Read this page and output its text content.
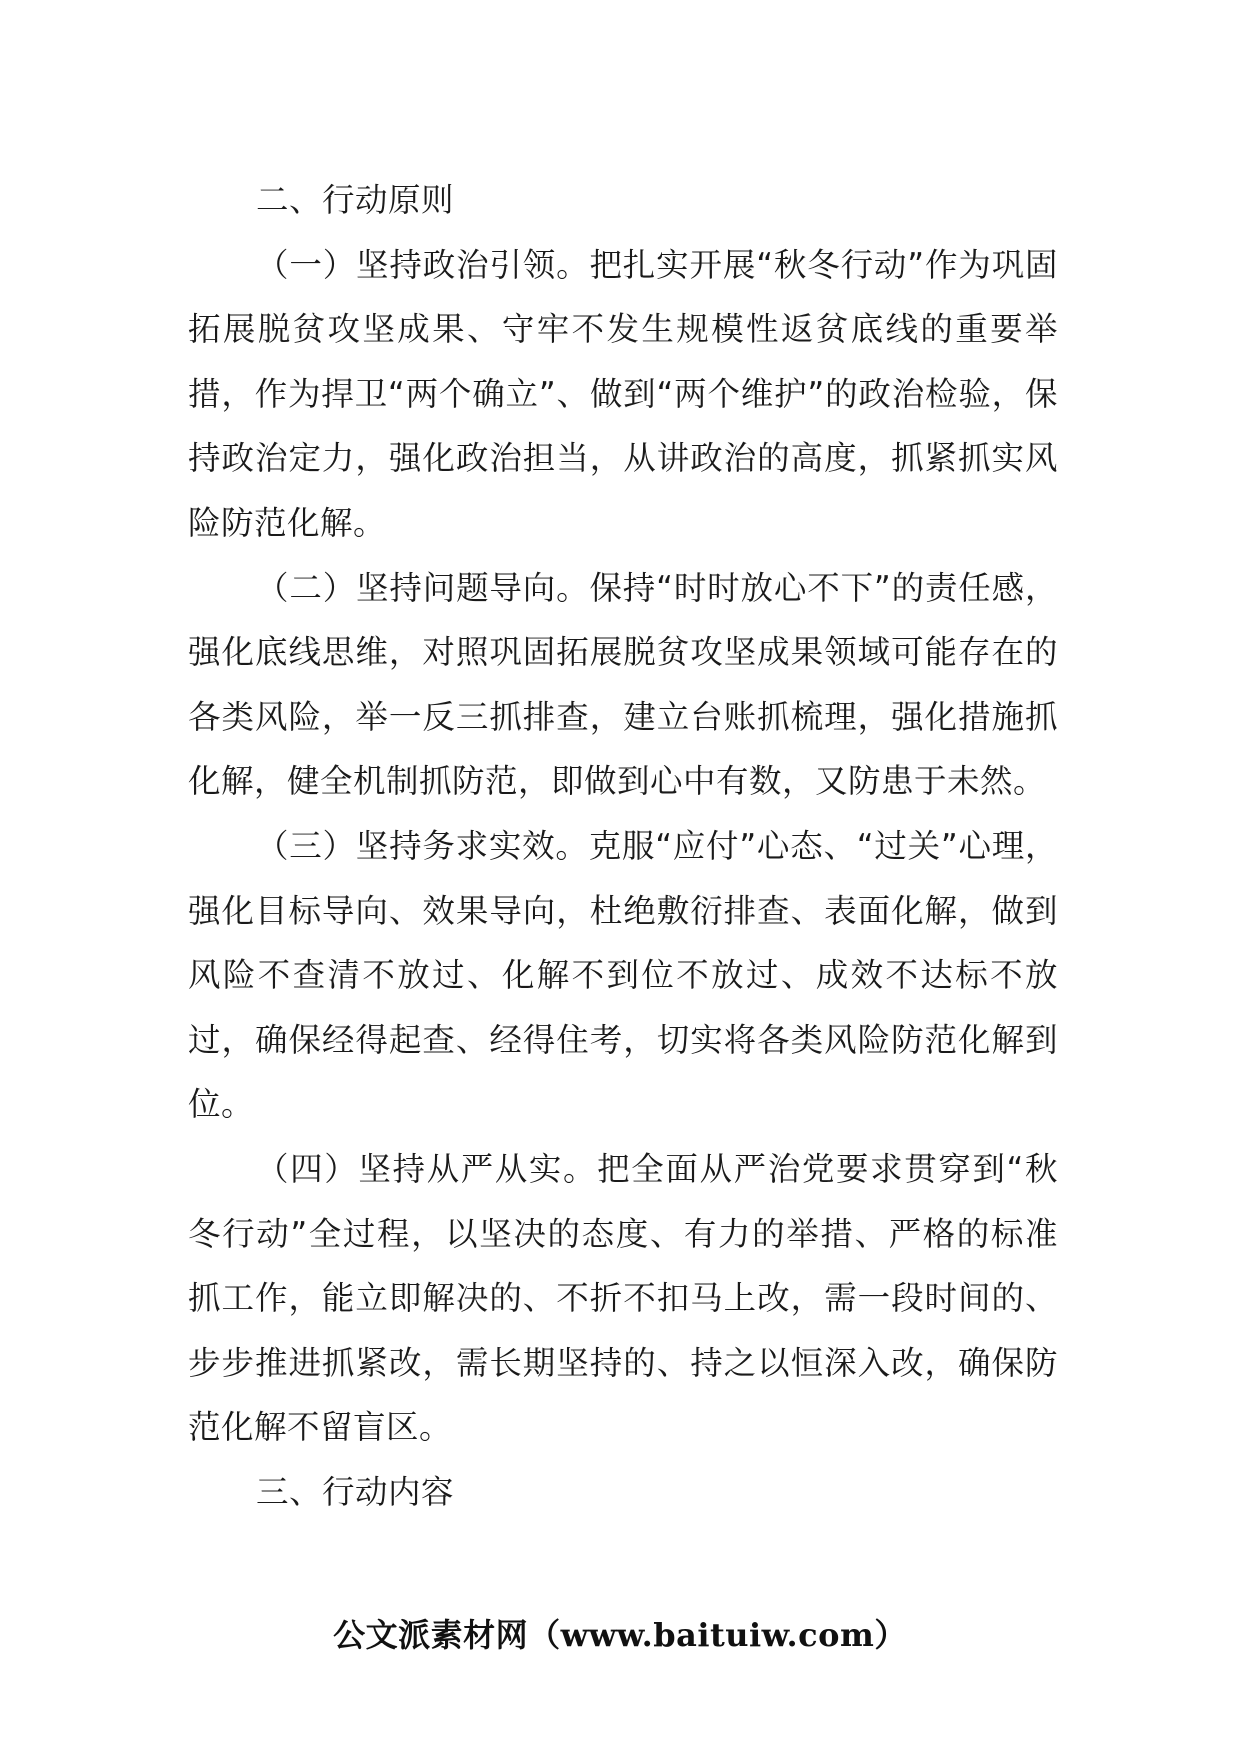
二、行动原则

（一）坚持政治引领。把扎实开展“秋冬行动”作为巩固拓展脱贫攻坚成果、守牢不发生规模性返贫底线的重要举措，作为捍卫“两个确立”、做到“两个维护”的政治检验，保持政治定力，强化政治担当，从讲政治的高度，抓紧抓实风险防范化解。

（二）坚持问题导向。保持“时时放心不下”的责任感，强化底线思维，对照巩固拓展脱贫攻坚成果领域可能存在的各类风险，举一反三抓排查，建立台账抓梳理，强化措施抓化解，健全机制抓防范，即做到心中有数，又防患于未然。

（三）坚持务求实效。克服“应付”心态、“过关”心理，强化目标导向、效果导向，杜绝敷衍排查、表面化解，做到风险不查清不放过、化解不到位不放过、成效不达标不放过，确保经得起查、经得住考，切实将各类风险防范化解到位。

（四）坚持从严从实。把全面从严治党要求贯穿到“秋冬行动”全过程，以坚决的态度、有力的举措、严格的标准抓工作，能立即解决的、不折不扣马上改，需一段时间的、步步推进抓紧改，需长期坚持的、持之以恒深入改，确保防范化解不留盲区。

三、行动内容

公文派素材网（www.baituiw.com）
